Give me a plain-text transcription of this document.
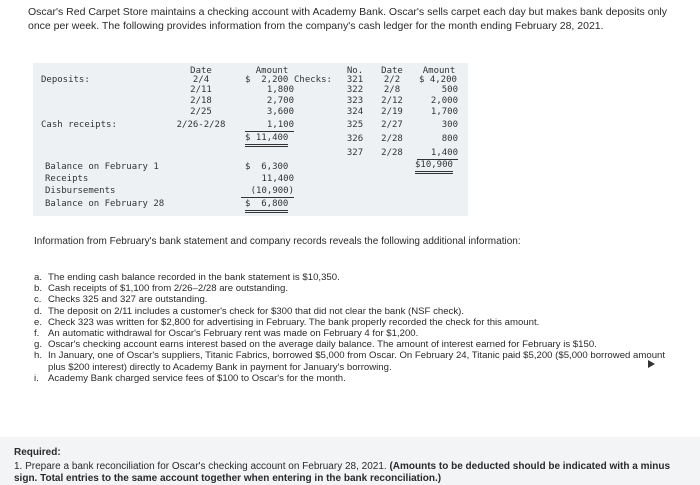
Oscar's Red Carpet Store maintains a checking account with Academy Bank. Oscar's sells carpet each day but makes bank deposits only once per week. The following provides information from the company's cash ledger for the month ending February 28, 2021.
Deposits:
Cash receipts:
Date
2/4
2/11
2/18
2/25
2/26-2/28
Amount
$  2,200
1,800
2,700
3,600
1,100
$ 11,400
Checks:
No.
321
322
323
324
325
326
327
Date
2/2
2/8
2/12
2/19
2/27
2/28
2/28
Amount
$ 4,200
500
2,000
1,700
300
800
1,400
$10,900
Balance on February 1
Receipts
Disbursements
Balance on February 28
$  6,300
11,400
(10,900)
$  6,800
Information from February's bank statement and company records reveals the following additional information:
a. The ending cash balance recorded in the bank statement is $10,350.
b. Cash receipts of $1,100 from 2/26–2/28 are outstanding.
c. Checks 325 and 327 are outstanding.
d. The deposit on 2/11 includes a customer's check for $300 that did not clear the bank (NSF check).
e. Check 323 was written for $2,800 for advertising in February. The bank properly recorded the check for this amount.
f. An automatic withdrawal for Oscar's February rent was made on February 4 for $1,200.
g. Oscar's checking account earns interest based on the average daily balance. The amount of interest earned for February is $150.
h. In January, one of Oscar's suppliers, Titanic Fabrics, borrowed $5,000 from Oscar. On February 24, Titanic paid $5,200 ($5,000 borrowed amount plus $200 interest) directly to Academy Bank in payment for January's borrowing.
i. Academy Bank charged service fees of $100 to Oscar's for the month.
Required:
1. Prepare a bank reconciliation for Oscar's checking account on February 28, 2021. (Amounts to be deducted should be indicated with a minus sign. Total entries to the same account together when entering in the bank reconciliation.)
